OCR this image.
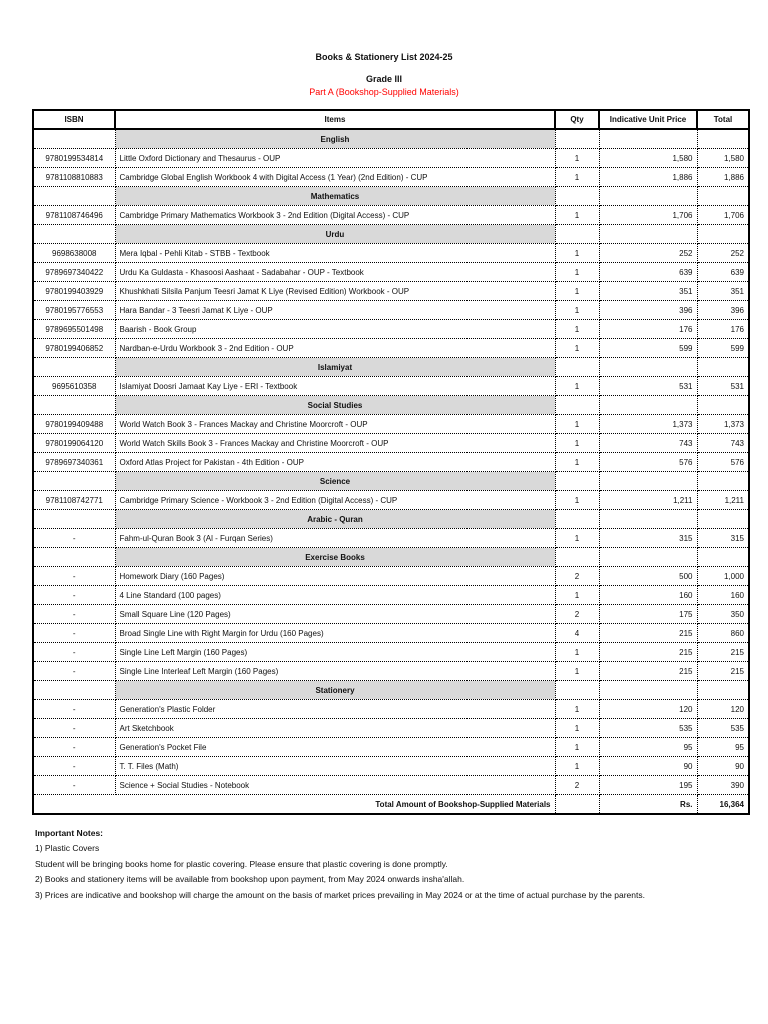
Books & Stationery List 2024-25
Grade III
Part A (Bookshop-Supplied Materials)
ISBN	Items	Qty	Indicative Unit Price	Total
	English			
9780199534814	Little Oxford Dictionary and Thesaurus - OUP	1	1,580	1,580
9781108810883	Cambridge Global English Workbook 4 with Digital Access (1 Year) (2nd Edition) - CUP	1	1,886	1,886
	Mathematics			
9781108746496	Cambridge Primary Mathematics Workbook 3 - 2nd Edition (Digital Access) - CUP	1	1,706	1,706
	Urdu			
9698638008	Mera Iqbal - Pehli Kitab - STBB - Textbook	1	252	252
9789697340422	Urdu Ka Guldasta - Khasoosi Aashaat - Sadabahar - OUP - Textbook	1	639	639
9780199403929	Khushkhati Silsila Panjum Teesri Jamat K Liye (Revised Edition) Workbook - OUP	1	351	351
9780195776553	Hara Bandar - 3 Teesri Jamat K Liye - OUP	1	396	396
9789695501498	Baarish - Book Group	1	176	176
9780199406852	Nardban-e-Urdu Workbook 3 - 2nd Edition - OUP	1	599	599
	Islamiyat			
9695610358	Islamiyat Doosri Jamaat Kay Liye - ERI - Textbook	1	531	531
	Social Studies			
9780199409488	World Watch Book 3 - Frances Mackay and Christine Moorcroft - OUP	1	1,373	1,373
9780199064120	World Watch Skills Book 3 - Frances Mackay and Christine Moorcroft - OUP	1	743	743
9789697340361	Oxford Atlas Project for Pakistan - 4th Edition - OUP	1	576	576
	Science			
9781108742771	Cambridge Primary Science - Workbook 3 - 2nd Edition (Digital Access) - CUP	1	1,211	1,211
	Arabic - Quran			
-	Fahm-ul-Quran Book 3 (Al - Furqan Series)	1	315	315
	Exercise Books			
-	Homework Diary (160 Pages)	2	500	1,000
-	4 Line Standard (100 pages)	1	160	160
-	Small Square Line (120 Pages)	2	175	350
-	Broad Single Line with Right Margin for Urdu (160 Pages)	4	215	860
-	Single Line Left Margin (160 Pages)	1	215	215
-	Single Line Interleaf Left Margin (160 Pages)	1	215	215
	Stationery			
-	Generation's Plastic Folder	1	120	120
-	Art Sketchbook	1	535	535
-	Generation's Pocket File	1	95	95
-	T. T. Files (Math)	1	90	90
-	Science + Social Studies - Notebook	2	195	390
Total Amount of Bookshop-Supplied Materials			Rs.	16,364
Important Notes:
1) Plastic Covers
Student will be bringing books home for plastic covering. Please ensure that plastic covering is done promptly.
2) Books and stationery items will be available from bookshop upon payment, from May 2024 onwards insha'allah.
3) Prices are indicative and bookshop will charge the amount on the basis of market prices prevailing in May 2024 or at the time of actual purchase by the parents.
